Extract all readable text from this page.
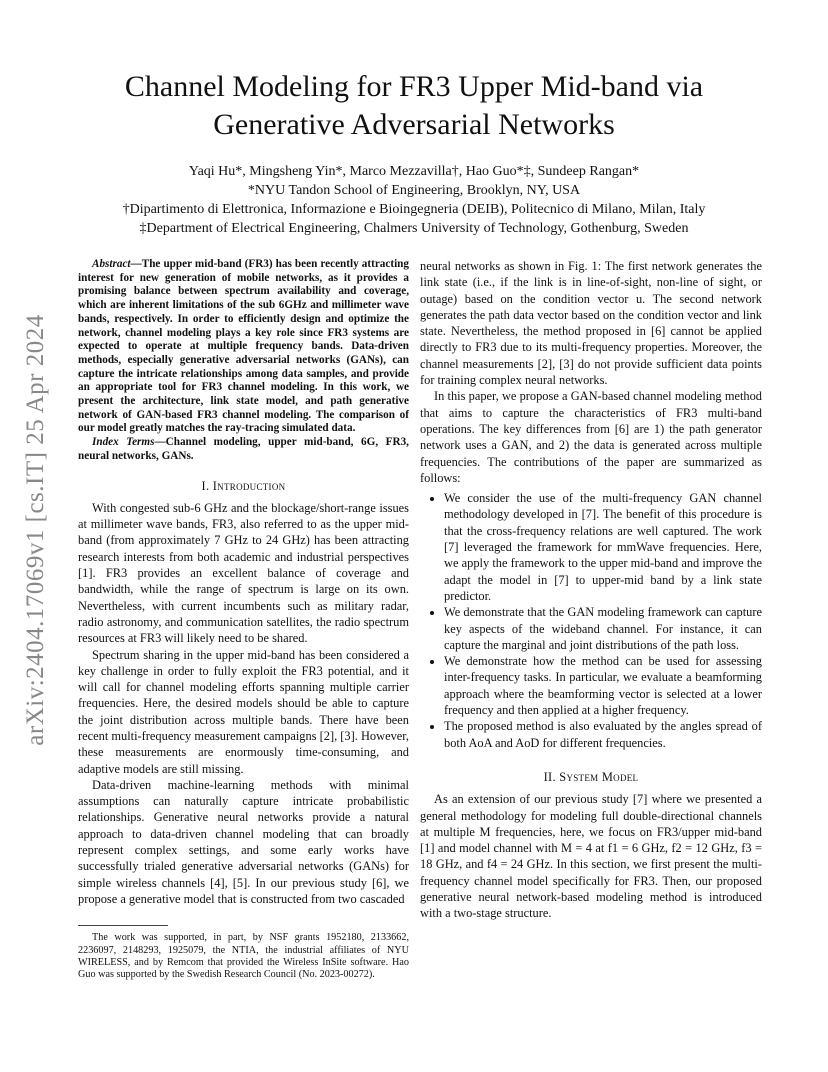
arXiv:2404.17069v1 [cs.IT] 25 Apr 2024
Channel Modeling for FR3 Upper Mid-band via Generative Adversarial Networks
Yaqi Hu*, Mingsheng Yin*, Marco Mezzavilla†, Hao Guo*‡, Sundeep Rangan*
*NYU Tandon School of Engineering, Brooklyn, NY, USA
†Dipartimento di Elettronica, Informazione e Bioingegneria (DEIB), Politecnico di Milano, Milan, Italy
‡Department of Electrical Engineering, Chalmers University of Technology, Gothenburg, Sweden

Abstract—The upper mid-band (FR3) has been recently attracting interest for new generation of mobile networks, as it provides a promising balance between spectrum availability and coverage, which are inherent limitations of the sub 6GHz and millimeter wave bands, respectively. In order to efficiently design and optimize the network, channel modeling plays a key role since FR3 systems are expected to operate at multiple frequency bands. Data-driven methods, especially generative adversarial networks (GANs), can capture the intricate relationships among data samples, and provide an appropriate tool for FR3 channel modeling. In this work, we present the architecture, link state model, and path generative network of GAN-based FR3 channel modeling. The comparison of our model greatly matches the ray-tracing simulated data.

Index Terms—Channel modeling, upper mid-band, 6G, FR3, neural networks, GANs.

I. Introduction

With congested sub-6 GHz and the blockage/short-range issues at millimeter wave bands, FR3, also referred to as the upper mid-band (from approximately 7 GHz to 24 GHz) has been attracting research interests from both academic and industrial perspectives [1]. FR3 provides an excellent balance of coverage and bandwidth, while the range of spectrum is large on its own. Nevertheless, with current incumbents such as military radar, radio astronomy, and communication satellites, the radio spectrum resources at FR3 will likely need to be shared.

Spectrum sharing in the upper mid-band has been considered a key challenge in order to fully exploit the FR3 potential, and it will call for channel modeling efforts spanning multiple carrier frequencies. Here, the desired models should be able to capture the joint distribution across multiple bands. There have been recent multi-frequency measurement campaigns [2], [3]. However, these measurements are enormously time-consuming, and adaptive models are still missing.

Data-driven machine-learning methods with minimal assumptions can naturally capture intricate probabilistic relationships. Generative neural networks provide a natural approach to data-driven channel modeling that can broadly represent complex settings, and some early works have successfully trialed generative adversarial networks (GANs) for simple wireless channels [4], [5]. In our previous study [6], we propose a generative model that is constructed from two cascaded

The work was supported, in part, by NSF grants 1952180, 2133662, 2236097, 2148293, 1925079, the NTIA, the industrial affiliates of NYU WIRELESS, and by Remcom that provided the Wireless InSite software. Hao Guo was supported by the Swedish Research Council (No. 2023-00272).

neural networks as shown in Fig. 1: The first network generates the link state (i.e., if the link is in line-of-sight, non-line of sight, or outage) based on the condition vector u. The second network generates the path data vector based on the condition vector and link state. Nevertheless, the method proposed in [6] cannot be applied directly to FR3 due to its multi-frequency properties. Moreover, the channel measurements [2], [3] do not provide sufficient data points for training complex neural networks.

In this paper, we propose a GAN-based channel modeling method that aims to capture the characteristics of FR3 multi-band operations. The key differences from [6] are 1) the path generator network uses a GAN, and 2) the data is generated across multiple frequencies. The contributions of the paper are summarized as follows:

• We consider the use of the multi-frequency GAN channel methodology developed in [7]. The benefit of this procedure is that the cross-frequency relations are well captured. The work [7] leveraged the framework for mmWave frequencies. Here, we apply the framework to the upper mid-band and improve the adapt the model in [7] to upper-mid band by a link state predictor.
• We demonstrate that the GAN modeling framework can capture key aspects of the wideband channel. For instance, it can capture the marginal and joint distributions of the path loss.
• We demonstrate how the method can be used for assessing inter-frequency tasks. In particular, we evaluate a beamforming approach where the beamforming vector is selected at a lower frequency and then applied at a higher frequency.
• The proposed method is also evaluated by the angles spread of both AoA and AoD for different frequencies.
II. System Model

As an extension of our previous study [7] where we presented a general methodology for modeling full double-directional channels at multiple M frequencies, here, we focus on FR3/upper mid-band [1] and model channel with M = 4 at f1 = 6 GHz, f2 = 12 GHz, f3 = 18 GHz, and f4 = 24 GHz. In this section, we first present the multi-frequency channel model specifically for FR3. Then, our proposed generative neural network-based modeling method is introduced with a two-stage structure.
